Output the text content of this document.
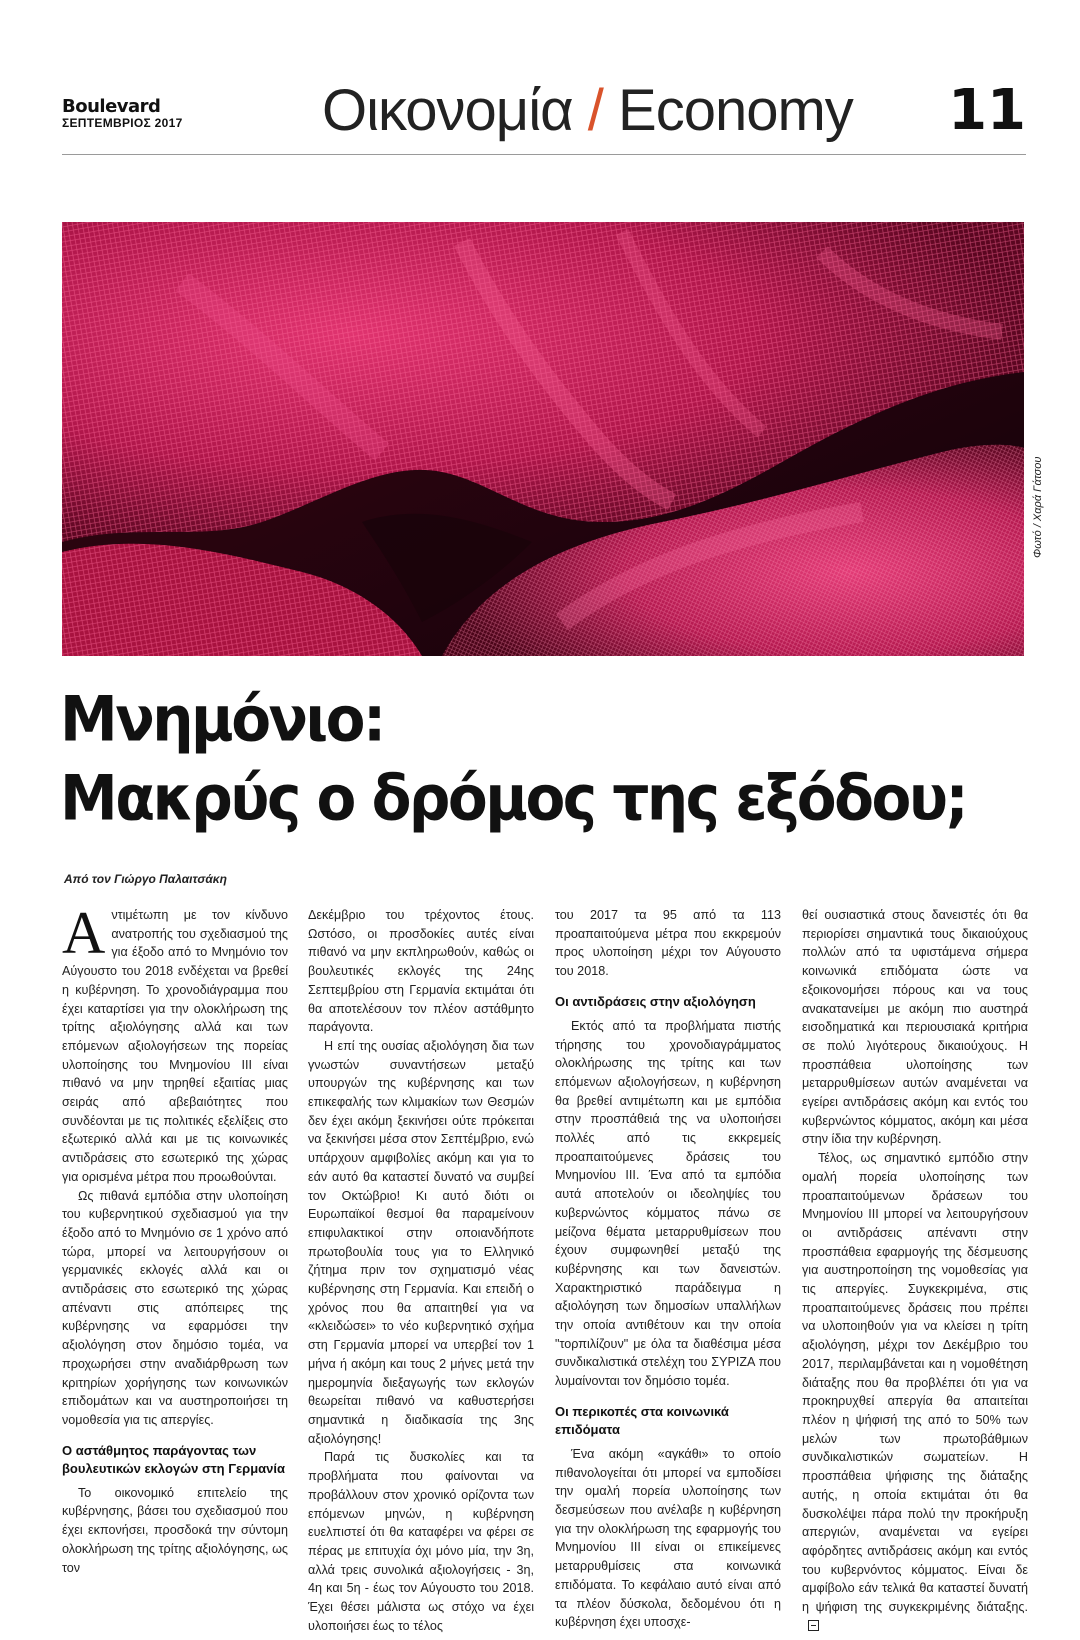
Boulevard
ΣΕΠΤΕΜΒΡΙΟΣ 2017 Οικονομία / Economy 11
Φωτό / Χαρά Γάτσου
Μνημόνιο:
Μακρύς ο δρόμος της εξόδου;
Από τον Γιώργο Παλαιτσάκη

Αντιμέτωπη με τον κίνδυνο ανατροπής του σχεδιασμού της για έξοδο από το Μνημόνιο τον Αύγουστο του 2018 ενδέχεται να βρεθεί η κυβέρνηση. Το χρονοδιάγραμμα που έχει καταρτίσει για την ολοκλήρωση της τρίτης αξιολόγησης αλλά και των επόμενων αξιολογήσεων της πορείας υλοποίησης του Μνημονίου ΙΙΙ είναι πιθανό να μην τηρηθεί εξαιτίας μιας σειράς από αβεβαιότητες που συνδέονται με τις πολιτικές εξελίξεις στο εξωτερικό αλλά και με τις κοινωνικές αντιδράσεις στο εσωτερικό της χώρας για ορισμένα μέτρα που προωθούνται.

Ως πιθανά εμπόδια στην υλοποίηση του κυβερνητικού σχεδιασμού για την έξοδο από το Μνημόνιο σε 1 χρόνο από τώρα, μπορεί να λειτουργήσουν οι γερμανικές εκλογές αλλά και οι αντιδράσεις στο εσωτερικό της χώρας απέναντι στις απόπειρες της κυβέρνησης να εφαρμόσει την αξιολόγηση στον δημόσιο τομέα, να προχωρήσει στην αναδιάρθρωση των κριτηρίων χορήγησης των κοινωνικών επιδομάτων και να αυστηροποιήσει τη νομοθεσία για τις απεργίες.

Ο αστάθμητος παράγοντας των βουλευτικών εκλογών στη Γερμανία

Το οικονομικό επιτελείο της κυβέρνησης, βάσει του σχεδιασμού που έχει εκπονήσει, προσδοκά την σύντομη ολοκλήρωση της τρίτης αξιολόγησης, ως τον

Δεκέμβριο του τρέχοντος έτους. Ωστόσο, οι προσδοκίες αυτές είναι πιθανό να μην εκπληρωθούν, καθώς οι βουλευτικές εκλογές της 24ης Σεπτεμβρίου στη Γερμανία εκτιμάται ότι θα αποτελέσουν τον πλέον αστάθμητο παράγοντα.

Η επί της ουσίας αξιολόγηση δια των γνωστών συναντήσεων μεταξύ υπουργών της κυβέρνησης και των επικεφαλής των κλιμακίων των Θεσμών δεν έχει ακόμη ξεκινήσει ούτε πρόκειται να ξεκινήσει μέσα στον Σεπτέμβριο, ενώ υπάρχουν αμφιβολίες ακόμη και για το εάν αυτό θα καταστεί δυνατό να συμβεί τον Οκτώβριο! Κι αυτό διότι οι Ευρωπαϊκοί θεσμοί θα παραμείνουν επιφυλακτικοί στην οποιανδήποτε πρωτοβουλία τους για το Ελληνικό ζήτημα πριν τον σχηματισμό νέας κυβέρνησης στη Γερμανία. Και επειδή ο χρόνος που θα απαιτηθεί για να «κλειδώσει» το νέο κυβερνητικό σχήμα στη Γερμανία μπορεί να υπερβεί τον 1 μήνα ή ακόμη και τους 2 μήνες μετά την ημερομηνία διεξαγωγής των εκλογών θεωρείται πιθανό να καθυστερήσει σημαντικά η διαδικασία της 3ης αξιολόγησης!

Παρά τις δυσκολίες και τα προβλήματα που φαίνονται να προβάλλουν στον χρονικό ορίζοντα των επόμενων μηνών, η κυβέρνηση ευελπιστεί ότι θα καταφέρει να φέρει σε πέρας με επιτυχία όχι μόνο μία, την 3η, αλλά τρεις συνολικά αξιολογήσεις - 3η, 4η και 5η - έως τον Αύγουστο του 2018. Έχει θέσει μάλιστα ως στόχο να έχει υλοποιήσει έως το τέλος

του 2017 τα 95 από τα 113 προαπαιτούμενα μέτρα που εκκρεμούν προς υλοποίηση μέχρι τον Αύγουστο του 2018.

Οι αντιδράσεις στην αξιολόγηση

Εκτός από τα προβλήματα πιστής τήρησης του χρονοδιαγράμματος ολοκλήρωσης της τρίτης και των επόμενων αξιολογήσεων, η κυβέρνηση θα βρεθεί αντιμέτωπη και με εμπόδια στην προσπάθειά της να υλοποιήσει πολλές από τις εκκρεμείς προαπαιτούμενες δράσεις του Μνημονίου ΙΙΙ. Ένα από τα εμπόδια αυτά αποτελούν οι ιδεοληψίες του κυβερνώντος κόμματος πάνω σε μείζονα θέματα μεταρρυθμίσεων που έχουν συμφωνηθεί μεταξύ της κυβέρνησης και των δανειστών. Χαρακτηριστικό παράδειγμα η αξιολόγηση των δημοσίων υπαλλήλων την οποία αντιθέτουν και την οποία "τορπιλίζουν" με όλα τα διαθέσιμα μέσα συνδικαλιστικά στελέχη του ΣΥΡΙΖΑ που λυμαίνονται τον δημόσιο τομέα.

Οι περικοπές στα κοινωνικά επιδόματα

Ένα ακόμη «αγκάθι» το οποίο πιθανολογείται ότι μπορεί να εμποδίσει την ομαλή πορεία υλοποίησης των δεσμεύσεων που ανέλαβε η κυβέρνηση για την ολοκλήρωση της εφαρμογής του Μνημονίου ΙΙΙ είναι οι επικείμενες μεταρρυθμίσεις στα κοινωνικά επιδόματα. Το κεφάλαιο αυτό είναι από τα πλέον δύσκολα, δεδομένου ότι η κυβέρνηση έχει υποσχε-

θεί ουσιαστικά στους δανειστές ότι θα περιορίσει σημαντικά τους δικαιούχους πολλών από τα υφιστάμενα σήμερα κοινωνικά επιδόματα ώστε να εξοικονομήσει πόρους και να τους ανακατανείμει με ακόμη πιο αυστηρά εισοδηματικά και περιουσιακά κριτήρια σε πολύ λιγότερους δικαιούχους. Η προσπάθεια υλοποίησης των μεταρρυθμίσεων αυτών αναμένεται να εγείρει αντιδράσεις ακόμη και εντός του κυβερνώντος κόμματος, ακόμη και μέσα στην ίδια την κυβέρνηση.

Τέλος, ως σημαντικό εμπόδιο στην ομαλή πορεία υλοποίησης των προαπαιτούμενων δράσεων του Μνημονίου ΙΙΙ μπορεί να λειτουργήσουν οι αντιδράσεις απέναντι στην προσπάθεια εφαρμογής της δέσμευσης για αυστηροποίηση της νομοθεσίας για τις απεργίες. Συγκεκριμένα, στις προαπαιτούμενες δράσεις που πρέπει να υλοποιηθούν για να κλείσει η τρίτη αξιολόγηση, μέχρι τον Δεκέμβριο του 2017, περιλαμβάνεται και η νομοθέτηση διάταξης που θα προβλέπει ότι για να προκηρυχθεί απεργία θα απαιτείται πλέον η ψήφισή της από το 50% των μελών των πρωτοβάθμιων συνδικαλιστικών σωματείων. Η προσπάθεια ψήφισης της διάταξης αυτής, η οποία εκτιμάται ότι θα δυσκολέψει πάρα πολύ την προκήρυξη απεργιών, αναμένεται να εγείρει αφόρδητες αντιδράσεις ακόμη και εντός του κυβερνόντος κόμματος. Είναι δε αμφίβολο εάν τελικά θα καταστεί δυνατή η ψήφιση της συγκεκριμένης διάταξης.
